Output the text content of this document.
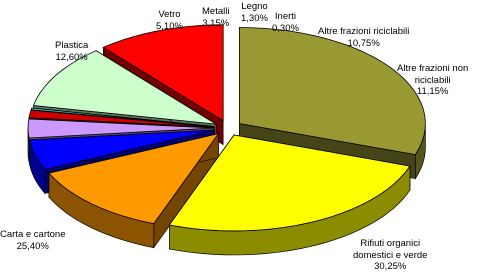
Rifiuti organici
domestici e verde
30,25%
Carta e cartone
25,40%
Plastica
12,60%
Vetro
5,10%
Metalli
3,15%
Legno
1,30% Inerti
0,30% Altre frazioni riciclabili
10,75%
Altre frazioni non
riciclabili
11,15%
